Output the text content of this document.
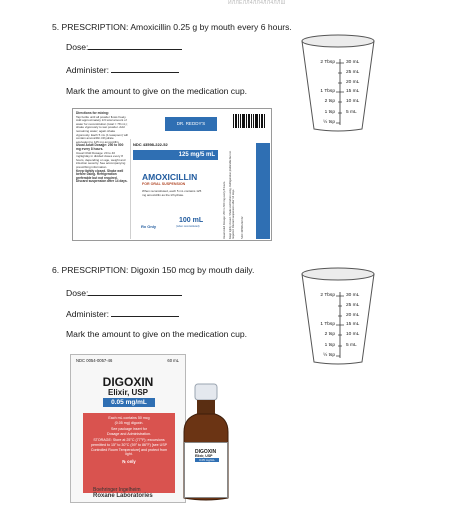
ИЛЛЕЛЛ4ЛЛ4ЛЛ4ЛЛШ
5. PRESCRIPTION: Amoxicillin 0.25 g by mouth every 6 hours.
Dose:
Administer:
Mark the amount to give on the medication cup.
2 Tbsp
1 Tbsp
2 tsp
1 tsp
½ tsp
30 mL
25 mL
20 mL
15 mL
10 mL
5 mL
Directions for mixing:
Tap bottle until all powder flows freely. Add approximately 1/3 total amount of water for reconstitution (total = 78 mL); shake vigorously to wet powder. Add remaining water; again shake vigorously. Each 5 mL (1 teaspoon) will contain amoxicillin trihydrate equivalent to 125 mg amoxicillin.
Usual Adult Dosage: 250 to 500 mg every 8 hours.
Usual Child Dosage: 20 to 40 mg/kg/day in divided doses every 8 hours, depending on age, weight and infection severity. See accompanying prescribing information.
Keep tightly closed. Shake well before using. Refrigeration preferable but not required. Discard suspension after 14 days.
DR. REDDY'S
NDC 43598-222-52
125 mg/5 mL
AMOXICILLIN
FOR ORAL SUSPENSION
When reconstituted, each 5 mL contains 125 mg amoxicillin as the trihydrate.
Rx Only
100 mL
(when reconstituted)	Usual Adult Dosage: 250 to 500 mg every 8 hours. Keep tightly closed. Shake well before using. Refrigeration preferable but not required. Discard suspension after 14 days. NDC 43598-222-52
6. PRESCRIPTION: Digoxin 150 mcg by mouth daily.
Dose:
Administer:
Mark the amount to give on the medication cup.
2 Tbsp
1 Tbsp
2 tsp
1 tsp
½ tsp
30 mL
25 mL
20 mL
15 mL
10 mL
5 mL
NDC 0054-0057-46	60 mL
DIGOXIN
Elixir, USP
0.05 mg/mL
Each mL contains 50 mcg
(0.05 mg) digoxin.
See package insert for
Dosage and Administration.
STORAGE: Store at 25°C (77°F); excursions permitted to 15° to 30°C (59° to 86°F) [see USP Controlled Room Temperature] and protect from light.
℞ only
Boehringer Ingelheim
Roxane Laboratories
DIGOXIN
Elixir, USP
0.05 mg/mL
